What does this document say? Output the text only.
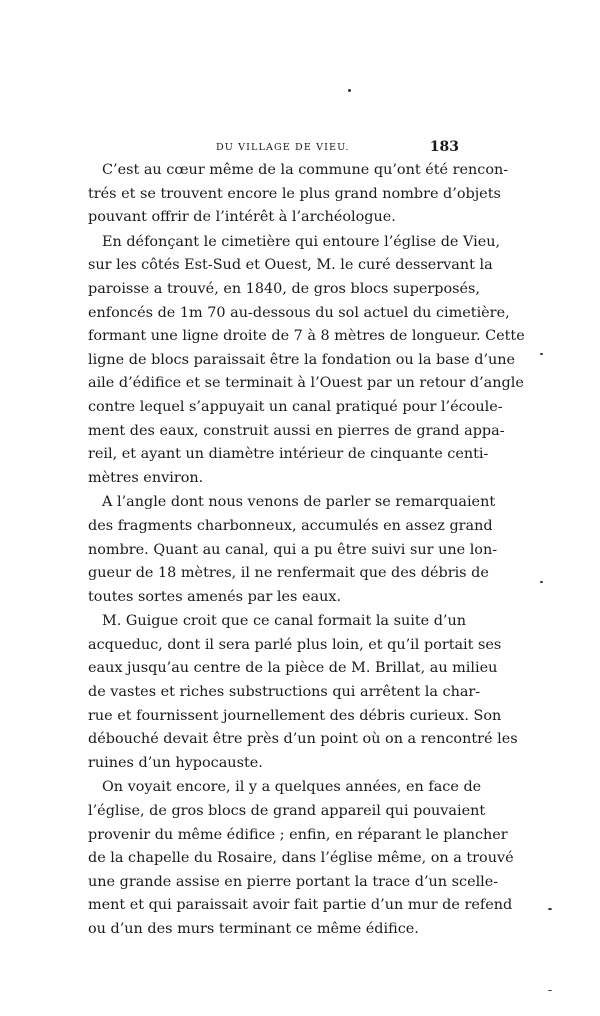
DU VILLAGE DE VIEU.	183
C’est au cœur même de la commune qu’ont été rencon-
trés et se trouvent encore le plus grand nombre d’objets
pouvant offrir de l’intérêt à l’archéologue.
En défonçant le cimetière qui entoure l’église de Vieu,
sur les côtés Est-Sud et Ouest, M. le curé desservant la
paroisse a trouvé, en 1840, de gros blocs superposés,
enfoncés de 1m 70 au-dessous du sol actuel du cimetière,
formant une ligne droite de 7 à 8 mètres de longueur. Cette
ligne de blocs paraissait être la fondation ou la base d’une
aile d’édifice et se terminait à l’Ouest par un retour d’angle
contre lequel s’appuyait un canal pratiqué pour l’écoule-
ment des eaux, construit aussi en pierres de grand appa-
reil, et ayant un diamètre intérieur de cinquante centi-
mètres environ.
A l’angle dont nous venons de parler se remarquaient
des fragments charbonneux, accumulés en assez grand
nombre. Quant au canal, qui a pu être suivi sur une lon-
gueur de 18 mètres, il ne renfermait que des débris de
toutes sortes amenés par les eaux.
M. Guigue croit que ce canal formait la suite d’un
acqueduc, dont il sera parlé plus loin, et qu’il portait ses
eaux jusqu’au centre de la pièce de M. Brillat, au milieu
de vastes et riches substructions qui arrêtent la char-
rue et fournissent journellement des débris curieux. Son
débouché devait être près d’un point où on a rencontré les
ruines d’un hypocauste.
On voyait encore, il y a quelques années, en face de
l’église, de gros blocs de grand appareil qui pouvaient
provenir du même édifice ; enfin, en réparant le plancher
de la chapelle du Rosaire, dans l’église même, on a trouvé
une grande assise en pierre portant la trace d’un scelle-
ment et qui paraissait avoir fait partie d’un mur de refend
ou d’un des murs terminant ce même édifice.
